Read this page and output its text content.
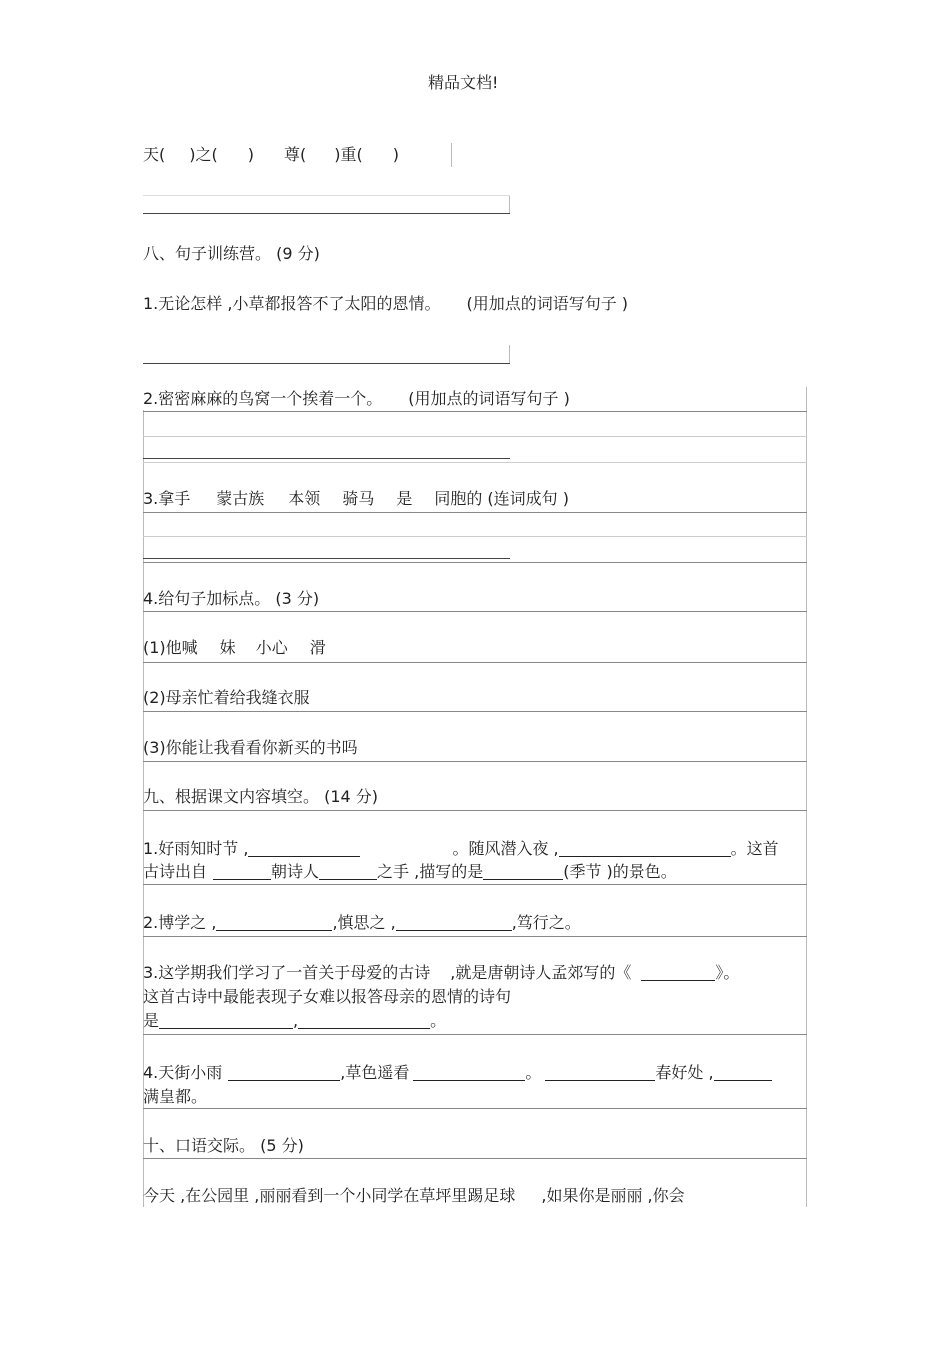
精品文档!
天( )之( ) 尊( )重( )
八、句子训练营。 (9 分)
1.无论怎样 ,小草都报答不了太阳的恩情。 (用加点的词语写句子 )
2.密密麻麻的鸟窝一个挨着一个。 (用加点的词语写句子 )
3.拿手 蒙古族 本领 骑马 是 同胞的 (连词成句 )
4.给句子加标点。 (3 分)
(1)他喊 妹 小心 滑
(2)母亲忙着给我缝衣服
(3)你能让我看看你新买的书吗
九、根据课文内容填空。 (14 分)
1.好雨知时节 ,	。随风潜入夜 ,	。这首
古诗出自	朝诗人	之手 ,描写的是	(季节 )的景色。
2.博学之 ,	,慎思之 ,	,笃行之。
3.这学期我们学习了一首关于母爱的古诗 ,就是唐朝诗人孟郊写的《	》。
这首古诗中最能表现子女难以报答母亲的恩情的诗句
是	,	。
4.天街小雨	,草色遥看	。	春好处 ,
满皇都。
十、口语交际。 (5 分)
今天 ,在公园里 ,丽丽看到一个小同学在草坪里踢足球 ,如果你是丽丽 ,你会
